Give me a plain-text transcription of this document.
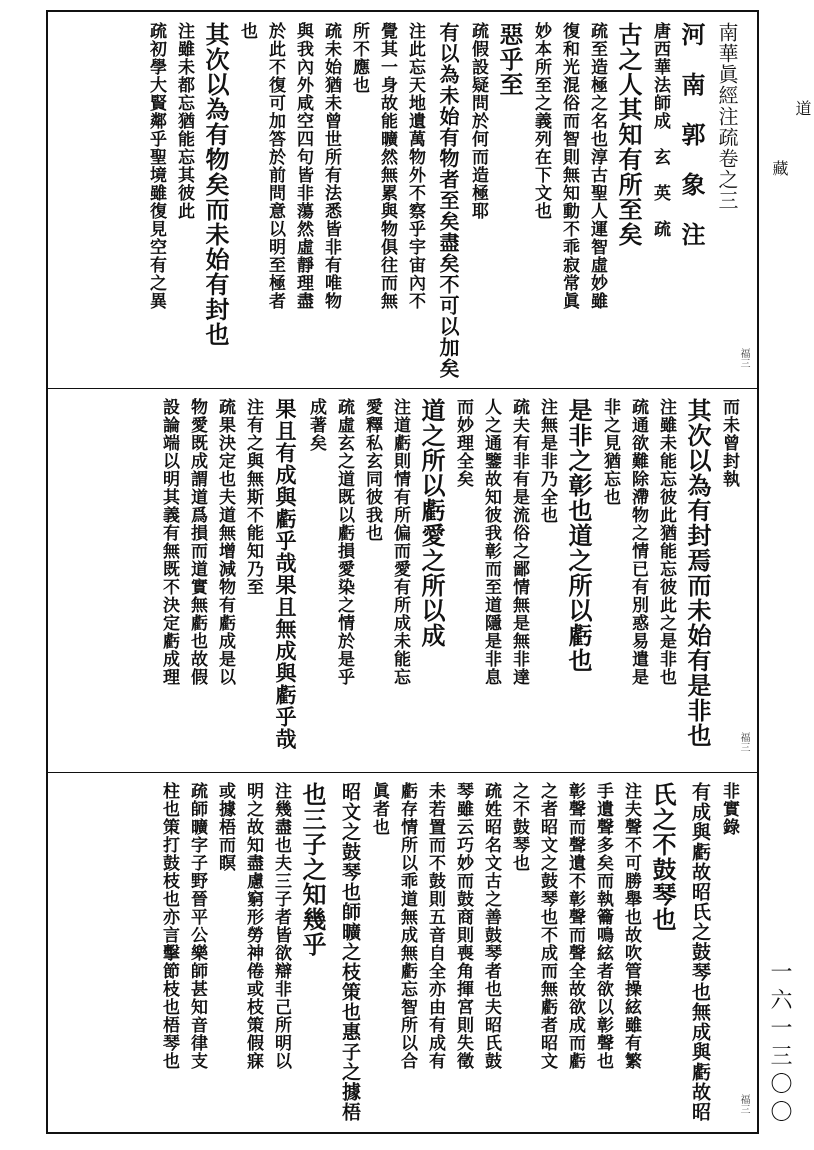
道
藏
一六一三〇〇
南華眞經注疏卷之三
河　南　郭　象　注
唐西華法師成　玄　英　疏
古之人其知有所至矣
疏至造極之名也淳古聖人運智虛妙雖
復和光混俗而智則無知動不乖寂常眞
妙本所至之義列在下文也
惡乎至
疏假設疑問於何而造極耶
有以為未始有物者至矣盡矣不可以加矣
注此忘天地遺萬物外不察乎宇宙內不
覺其一身故能曠然無累與物俱往而無
所不應也
疏未始猶未曾世所有法悉皆非有唯物
與我內外咸空四句皆非蕩然虛靜理盡
於此不復可加答於前問意以明至極者
也
其次以為有物矣而未始有封也
注雖未都忘猶能忘其彼此
疏初學大賢鄰乎聖境雖復見空有之異
福三
而未曾封執
其次以為有封焉而未始有是非也
注雖未能忘彼此猶能忘彼此之是非也
疏通欲難除滯物之情已有別惑易遣是
非之見猶忘也
是非之彰也道之所以虧也
注無是非乃全也
疏夫有非有是流俗之鄙情無是無非達
人之通鑒故知彼我彰而至道隱是非息
而妙理全矣
道之所以虧愛之所以成
注道虧則情有所偏而愛有所成未能忘
愛釋私玄同彼我也
疏虛玄之道既以虧損愛染之情於是乎
成著矣
果且有成與虧乎哉果且無成與虧乎哉
注有之與無斯不能知乃至
疏果決定也夫道無增減物有虧成是以
物愛既成謂道爲損而道實無虧也故假
設論端以明其義有無既不決定虧成理
福三
非實錄
有成與虧故昭氏之鼓琴也無成與虧故昭
氏之不鼓琴也
注夫聲不可勝舉也故吹管操絃雖有繁
手遺聲多矣而執籥鳴絃者欲以彰聲也
彰聲而聲遺不彰聲而聲全故欲成而虧
之者昭文之鼓琴也不成而無虧者昭文
之不鼓琴也
疏姓昭名文古之善鼓琴者也夫昭氏鼓
琴雖云巧妙而鼓商則喪角揮宮則失徵
未若置而不鼓則五音自全亦由有成有
虧存情所以乖道無成無虧忘智所以合
眞者也
昭文之鼓琴也師曠之枝策也惠子之據梧
也三子之知幾乎
注幾盡也夫三子者皆欲辯非己所明以
明之故知盡慮窮形勞神倦或枝策假寐
或據梧而瞑
疏師曠字子野晉平公樂師甚知音律支
柱也策打鼓枝也亦言擊節枝也梧琴也
福三
